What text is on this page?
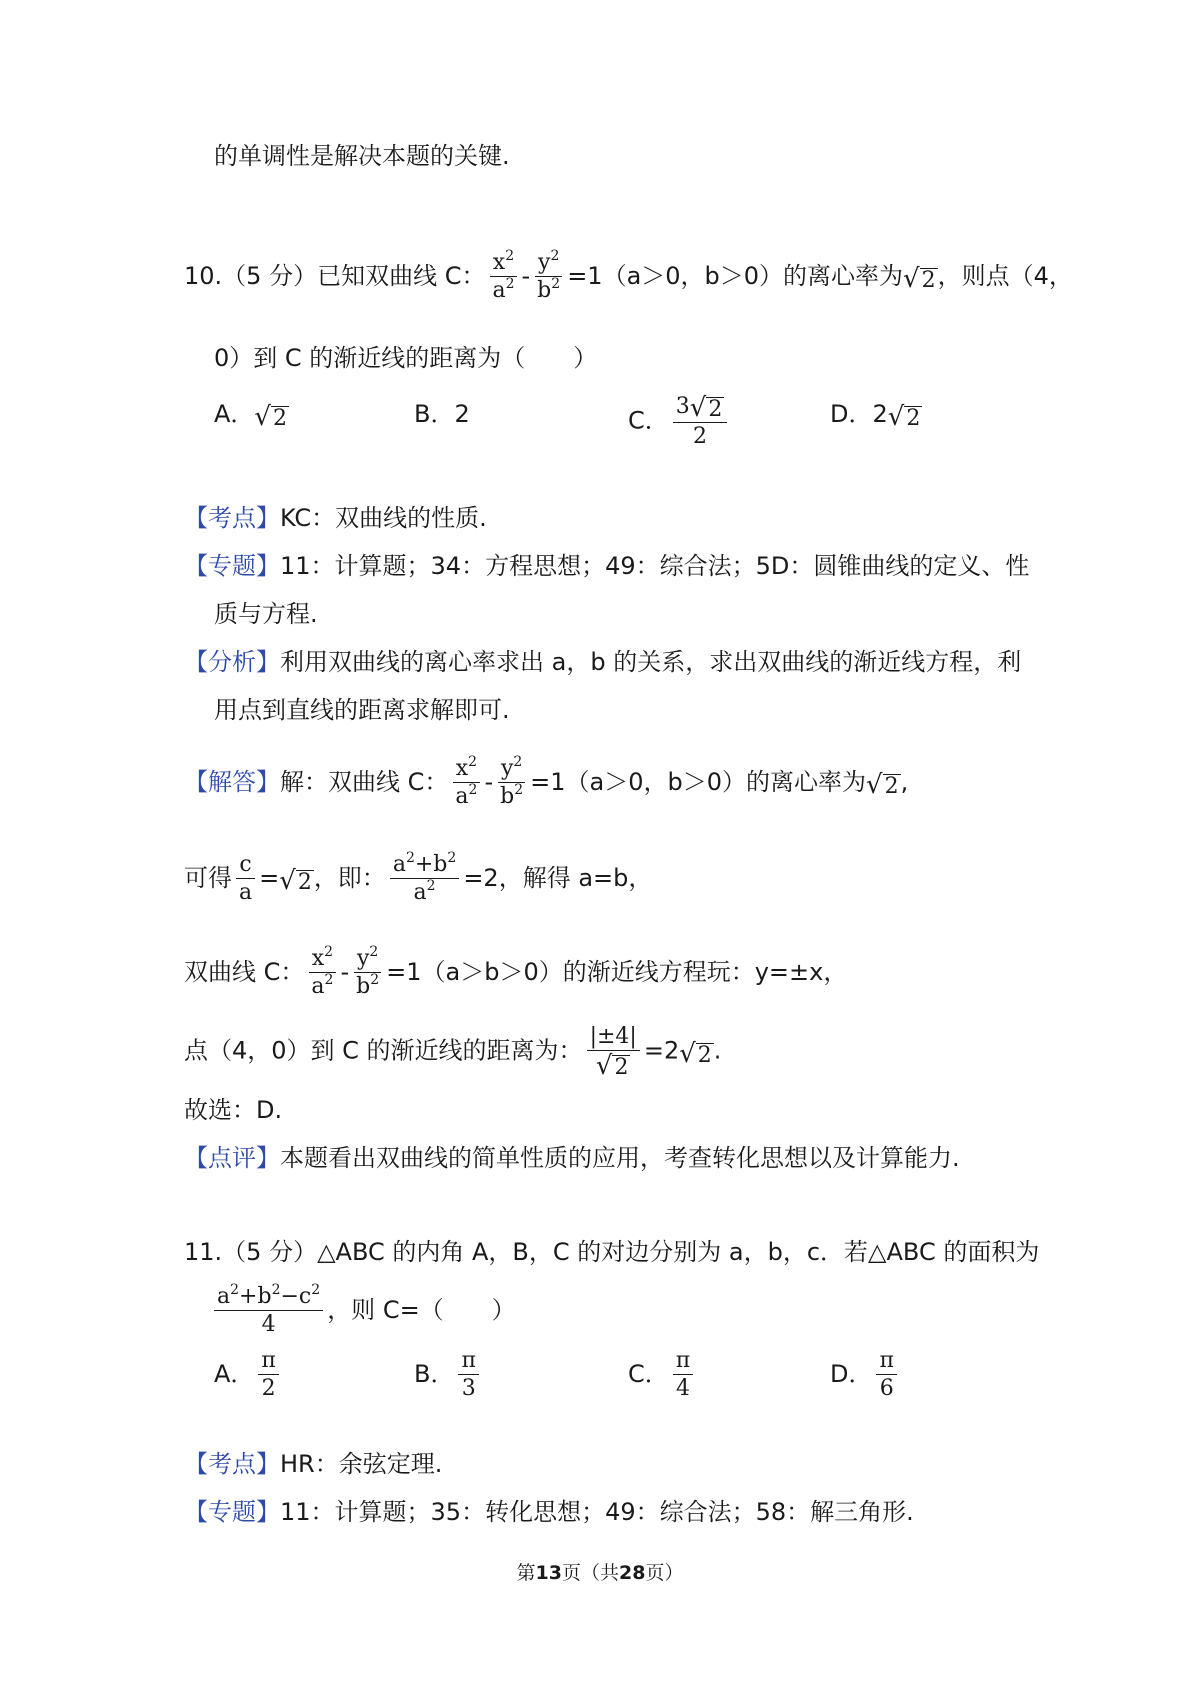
的单调性是解决本题的关键.
10.（5 分）已知双曲线 C： $\frac{x^2}{a^2} - \frac{y^2}{b^2} =1(a>0$，b＞0）的离心率为 √ 2 ，则点（4，
0）到 C 的渐近线的距离为（　　）
A． √ 2	B．2	C． $\frac{3 √ 2}{2}$	D．2 √ 2
【考点】KC：双曲线的性质.
【专题】11：计算题；34：方程思想；49：综合法；5D：圆锥曲线的定义、性
质与方程.
【分析】利用双曲线的离心率求出 a，b 的关系，求出双曲线的渐近线方程，利
用点到直线的距离求解即可.
【解答】解：双曲线 C： $\frac{x^2}{a^2} - \frac{y^2}{b^2} =1(a>0$，b＞0）的离心率为 √ 2 ,
可得 $\frac{c}{a}$ = √ 2 ，即： $\frac{a^2+b^2}{a^2} =2$，解得 a=b，
双曲线 C： $\frac{x^2}{a^2} - \frac{y^2}{b^2} =1(a>b>0)$的渐近线方程玩：y=±x，
点（4，0）到 C 的渐近线的距离为： $\frac{|\pm 4|}{√ 2} =2$ √ 2 .
故选：D.
【点评】本题看出双曲线的简单性质的应用，考查转化思想以及计算能力.
11.（5 分）△ABC 的内角 A，B，C 的对边分别为 a，b，c．若△ABC 的面积为
$\frac{a^2+b^2-c^2}{4}$ ，则 C=（　　）
A． $\frac{\pi}{2}$	B． $\frac{\pi}{3}$	C． $\frac{\pi}{4}$	D． $\frac{\pi}{6}$
【考点】HR：余弦定理.
【专题】11：计算题；35：转化思想；49：综合法；58：解三角形.
第13页（共28页）
